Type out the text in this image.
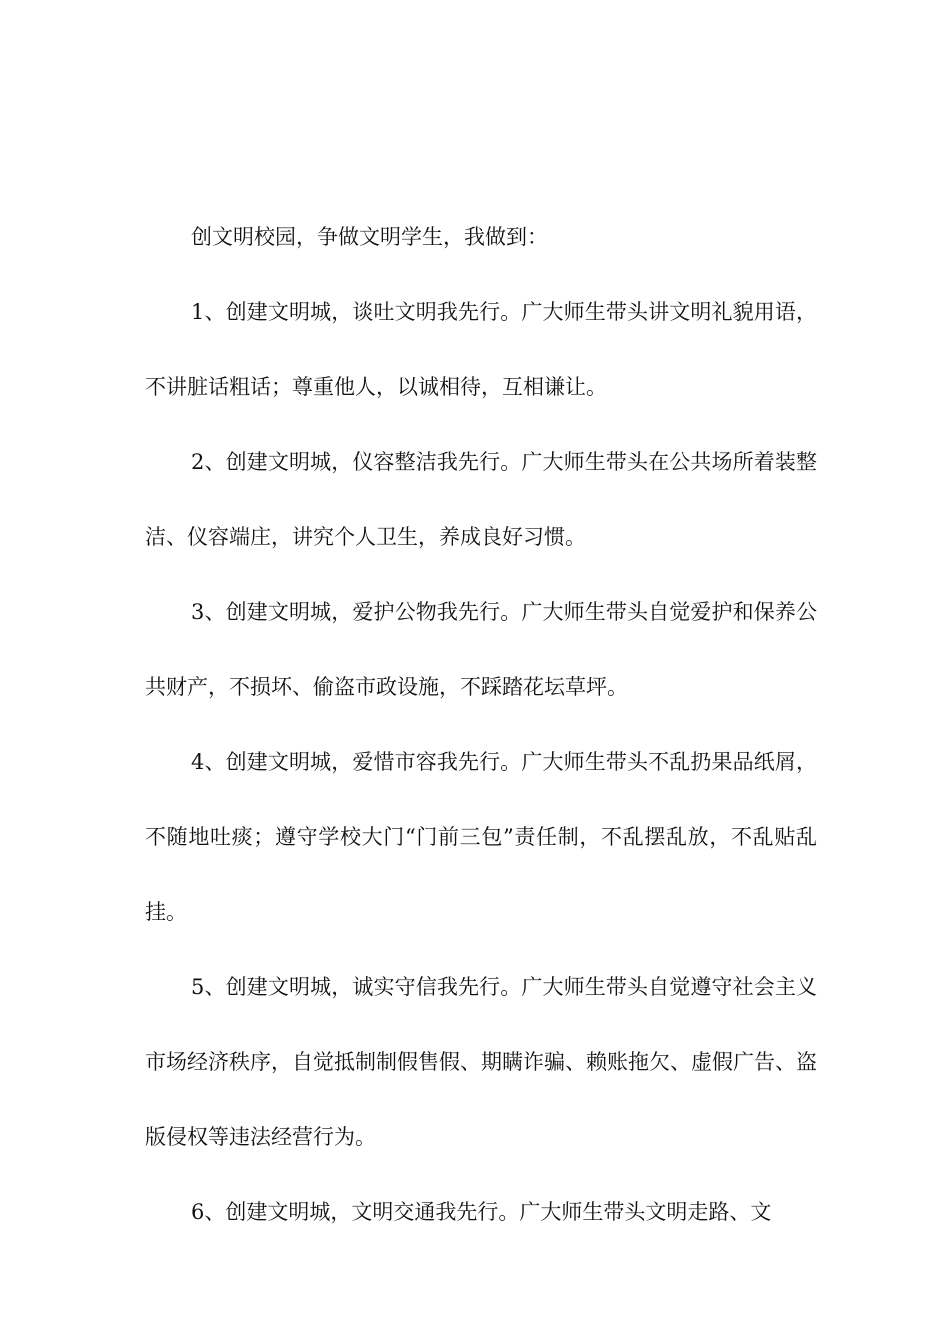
创文明校园，争做文明学生，我做到：

1、创建文明城，谈吐文明我先行。广大师生带头讲文明礼貌用语，不讲脏话粗话；尊重他人，以诚相待，互相谦让。

2、创建文明城，仪容整洁我先行。广大师生带头在公共场所着装整洁、仪容端庄，讲究个人卫生，养成良好习惯。

3、创建文明城，爱护公物我先行。广大师生带头自觉爱护和保养公共财产，不损坏、偷盗市政设施，不踩踏花坛草坪。

4、创建文明城，爱惜市容我先行。广大师生带头不乱扔果品纸屑，不随地吐痰；遵守学校大门“门前三包”责任制，不乱摆乱放，不乱贴乱挂。

5、创建文明城，诚实守信我先行。广大师生带头自觉遵守社会主义市场经济秩序，自觉抵制制假售假、期瞒诈骗、赖账拖欠、虚假广告、盗版侵权等违法经营行为。

6、创建文明城，文明交通我先行。广大师生带头文明走路、文
